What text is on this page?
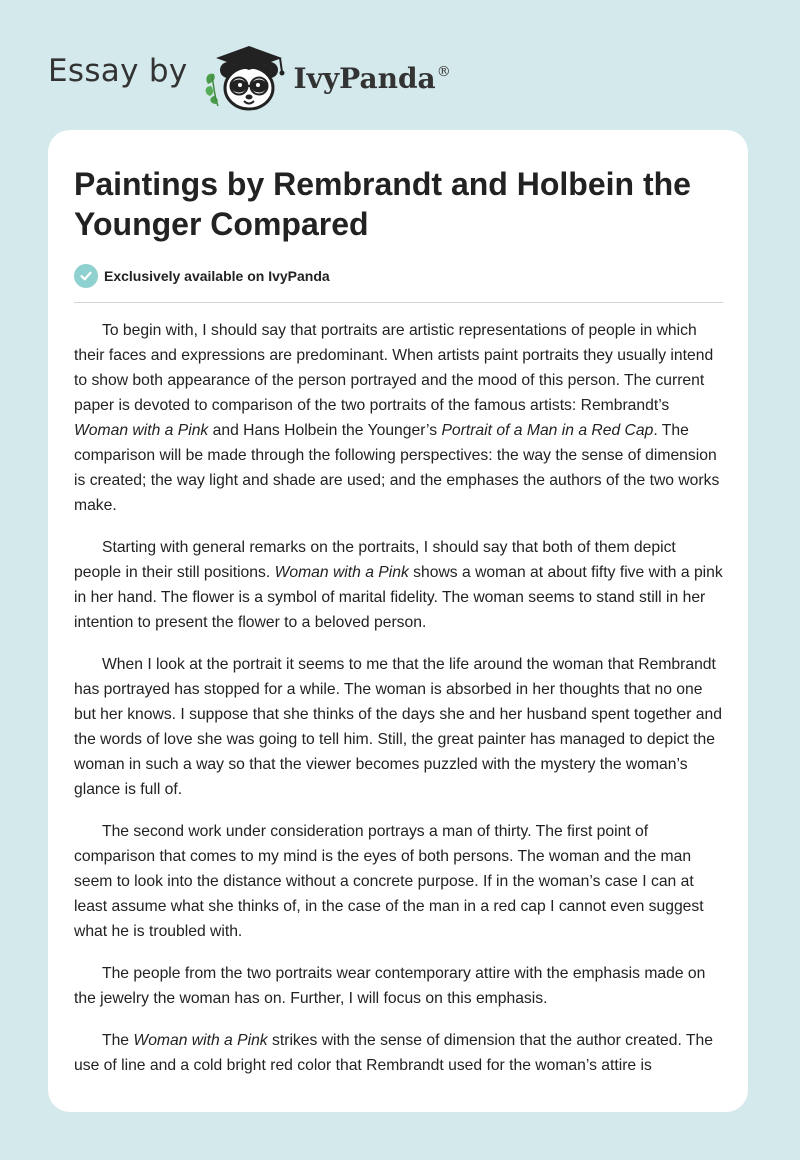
Essay by	IvyPanda®
Paintings by Rembrandt and Holbein the Younger Compared
Exclusively available on IvyPanda

To begin with, I should say that portraits are artistic representations of people in which their faces and expressions are predominant. When artists paint portraits they usually intend to show both appearance of the person portrayed and the mood of this person. The current paper is devoted to comparison of the two portraits of the famous artists: Rembrandt’s Woman with a Pink and Hans Holbein the Younger’s Portrait of a Man in a Red Cap. The comparison will be made through the following perspectives: the way the sense of dimension is created; the way light and shade are used; and the emphases the authors of the two works make.

Starting with general remarks on the portraits, I should say that both of them depict people in their still positions. Woman with a Pink shows a woman at about fifty five with a pink in her hand. The flower is a symbol of marital fidelity. The woman seems to stand still in her intention to present the flower to a beloved person.

When I look at the portrait it seems to me that the life around the woman that Rembrandt has portrayed has stopped for a while. The woman is absorbed in her thoughts that no one but her knows. I suppose that she thinks of the days she and her husband spent together and the words of love she was going to tell him. Still, the great painter has managed to depict the woman in such a way so that the viewer becomes puzzled with the mystery the woman’s glance is full of.

The second work under consideration portrays a man of thirty. The first point of comparison that comes to my mind is the eyes of both persons. The woman and the man seem to look into the distance without a concrete purpose. If in the woman’s case I can at least assume what she thinks of, in the case of the man in a red cap I cannot even suggest what he is troubled with.

The people from the two portraits wear contemporary attire with the emphasis made on the jewelry the woman has on. Further, I will focus on this emphasis.

The Woman with a Pink strikes with the sense of dimension that the author created. The use of line and a cold bright red color that Rembrandt used for the woman’s attire is
